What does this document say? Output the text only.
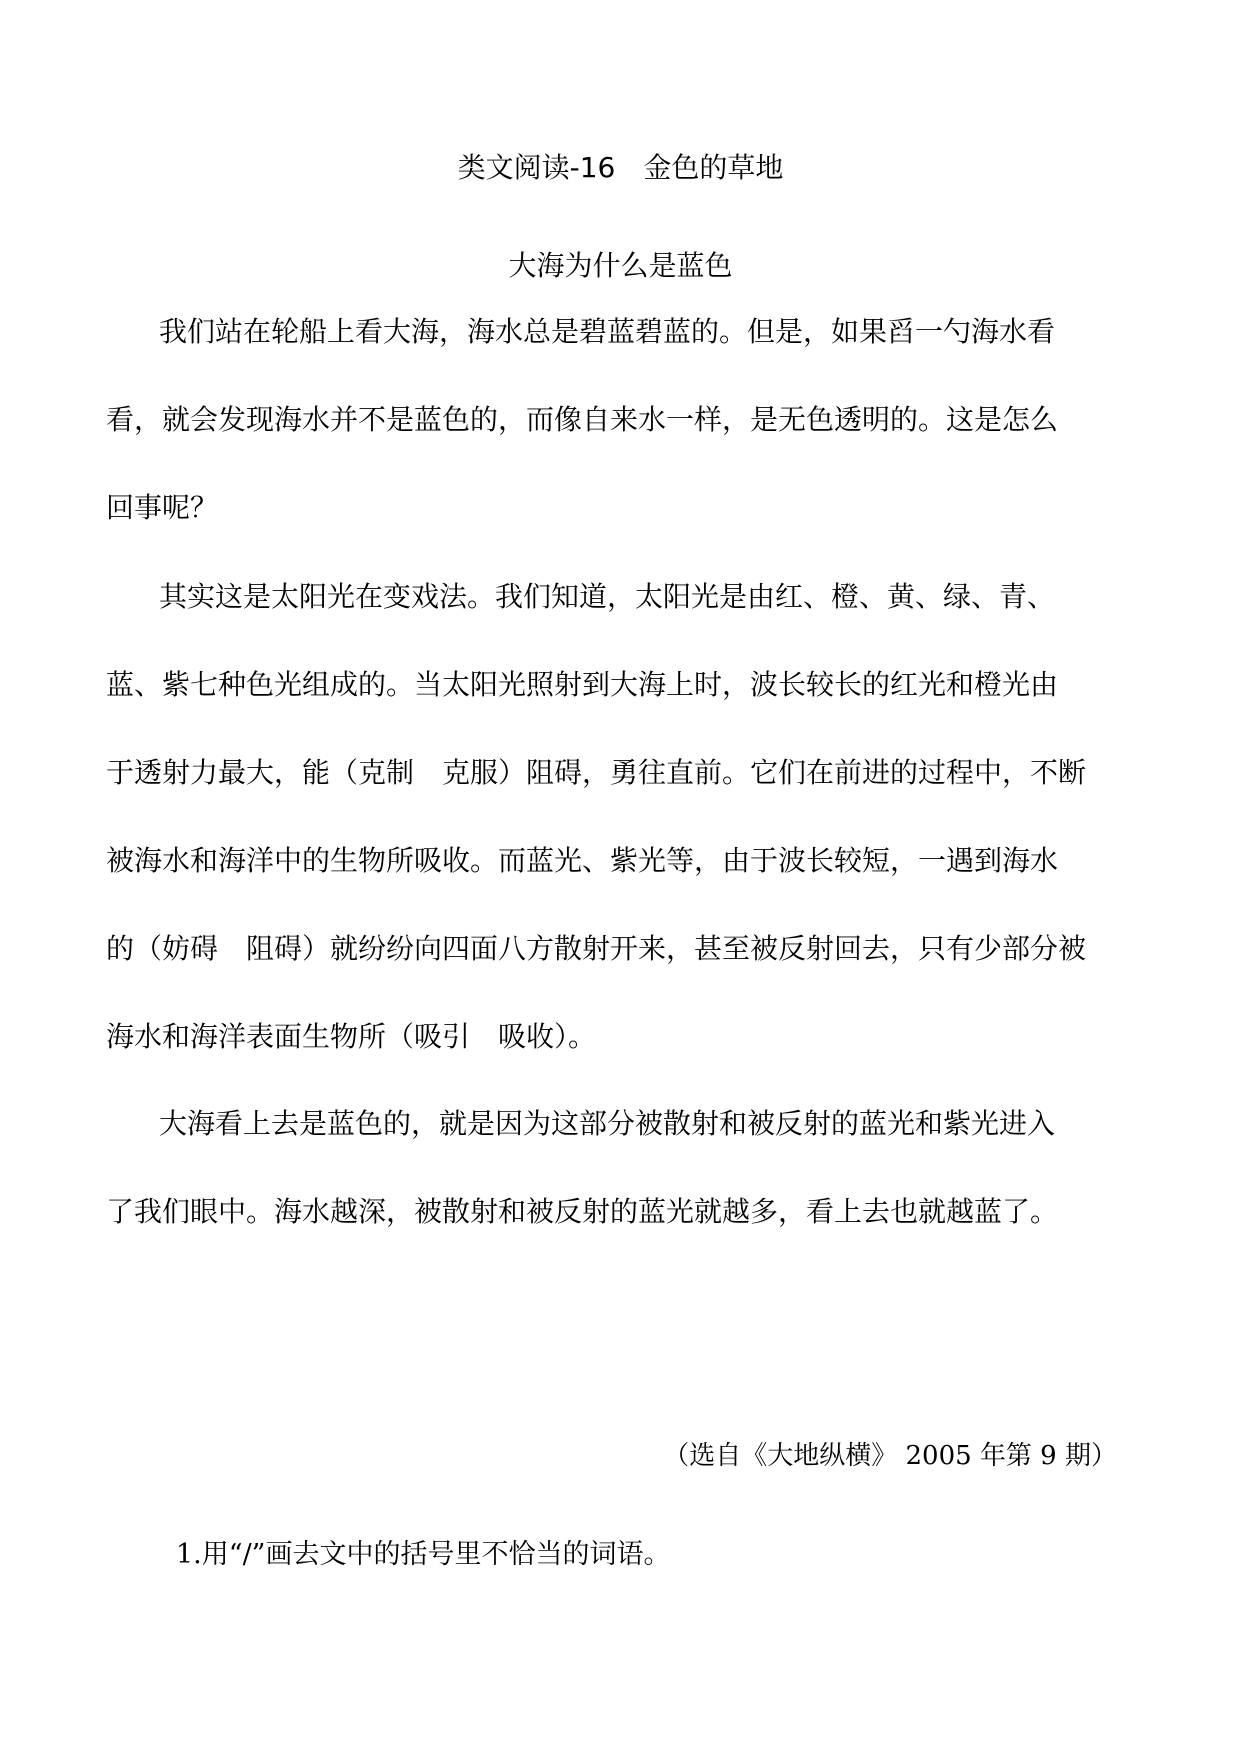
类文阅读-16　金色的草地
大海为什么是蓝色
我们站在轮船上看大海，海水总是碧蓝碧蓝的。但是，如果舀一勺海水看
看，就会发现海水并不是蓝色的，而像自来水一样，是无色透明的。这是怎么
回事呢？
其实这是太阳光在变戏法。我们知道，太阳光是由红、橙、黄、绿、青、
蓝、紫七种色光组成的。当太阳光照射到大海上时，波长较长的红光和橙光由
于透射力最大，能（克制　克服）阻碍，勇往直前。它们在前进的过程中，不断
被海水和海洋中的生物所吸收。而蓝光、紫光等，由于波长较短，一遇到海水
的（妨碍　阻碍）就纷纷向四面八方散射开来，甚至被反射回去，只有少部分被
海水和海洋表面生物所（吸引　吸收）。
大海看上去是蓝色的，就是因为这部分被散射和被反射的蓝光和紫光进入
了我们眼中。海水越深，被散射和被反射的蓝光就越多，看上去也就越蓝了。
（选自《大地纵横》 2005 年第 9 期）
1.用“/”画去文中的括号里不恰当的词语。
